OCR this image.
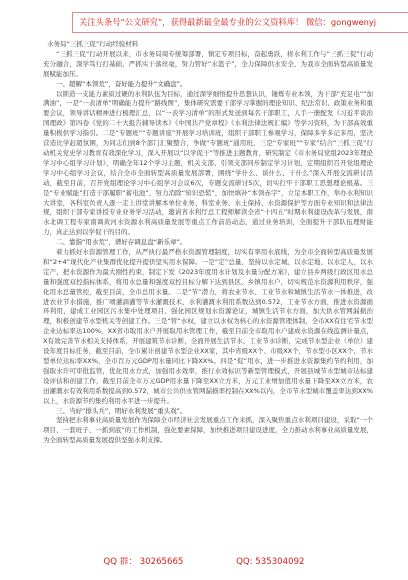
关注头条号“公文研究”，获得最新最全最专业的公文资料库！ 微信：gongwenyj
水务局“三抓三促”行动经验材料

“三抓三促”行动开展以来，市水务局周专统筹部署，镇定专项目标，奋起勇跃，将水利工作与“三抓三促”行动充分融合，深学笃行打基础，严抓实干落丝毫，努力管好“水篮子”，全力保障供水安全，为我市全面转型高质量发展赋能加压。

一、超解“本领荒”，奋好能力提升“文确盘”。

以锁造一支能力素质过硬的水利队伍为目标，通过深学细悟提升思想认识，锤炼专业本领，为干部“充足电”“加满油”，一是“一表清单”明确能力提升“路线图”，集体研究需要干部学习掌握的理论知识、纪法常识、政策业务和重要会议，领导讲话精神进行梳理汇总，以“一表学习清单”的形式发送到每名干部职工，人手一册配发《习近平谈治国理政》第四卷《党的二十大报告辅导读本》《中国共产党章程》《水利法律法规汇编》等学习资料，为干部高效重量积极供学习指引。二是“专题班”“专题讲座”开展学习培训班，组织干部职工参观学习，保障多学多记多用，坚决营造比学赶超氛围，为同志们到8个部门汇聚整合，争做“专题班”通用班，三是“专家班”“专家”结合“三抓三促”行动机关党史学习教育有效深化学习，深入开展以“以学促干”等推进主题教育，研究制定《市水务局党组2023年理论学习中心组学习计划》，明确全年12个学习主题，机关支部、引领支部同步制定学习计划，定期组织召开党组理论学习中心组学习会议，结合全市全面转型高质量发展部署，围绕“学什么、谈什么、干什么”深入开展交流研讨活动，截至目前，召开党组理论学习中心组学习会议6次，专题交流研讨5次，切实打牢干部职工思想理论根基。三是“专业赋能”打造干部履职“蓄电池”，努力消除“知识恐慌”，加快填补“本领赤字”，立足本职工作，举办水利知识大讲堂，各科室负责人逐一走上讲堂讲解本单位业务、科室业务、水土保持、水资源保护等方面专业知识和法律法规，组织干部专家讲授专业业务学习活动，邀请省水利厅总工程师解读全省“十四五”时期水利建设改革与发展，南水北调工程专家南调黄河水资源水利高质量发展等重点工作前沿动态，通过业务培训，全面提升干部队伍理财能力，真正达到以学促干的目的。

二、靠指“用水荒”，谱好存调息盘“新乐章”。

着力抓好水资源管理工作，从严执行最严格水资源管理制度，切实有率用水底线，为全市全面转型高质量发展和“2+4”现代化产业集群优化提升提供坚实用水保障。一是“定”总量，坚持以水定城、以水定地、以水定人、以水定产，把水资源作为最大刚性约束，制定下发《2023年度用水计划及水量分配方案》，建立县乡两级行政区用水总量和强度双控指标体系，将用水总量和强度双控目标分解下达到县区、乡镇用水户，切实规范水资源利用秩序，强化用水总量管控，截至目前，全市总用水量。二是“节”潜力，将农业节水、工业节水和城镇生活节水一体推进，改进农业节水措施，推广喷灌滴灌等节水灌溉技术，水利灌溉水利用系数达到0.572，工业节水方面，推进水资源循环利用，建成工业园区污水集中处理项目，强化园区规划水资源论证，城镇生活节水方面，加大供水管网漏损治理，积极创建节水型机关等创建工作。三是“管”水权，建立以水权为核心的水资源管理体制，全市XX有住宅节水型企业达标率达100%，XX省市取用水户开展取用水管理工作，截至目前全市取用水户建成水资源在线监测计量点，X有效完善节水相关支持体系，开展建筑节水诊断，全面开展生活节水、工业节水诊断，完成节水型企业（单位）建设年度目标任务，截至目前，全市累计创建节水型企业XX家，其中省级XX个、市级XX个，节水型小区XX个，节水型单位达标率XX%，全市百万元GDP用水量同比下降XX%。四是“促”用水，进一步推进水资源集约节约利用，加强取水许可审批监管，优化用水方式，加强用水效率，推行水效标识等新型管理模式，开展县城节水型城市达标建设评估和创建工作，截至目前全市万元GDP用水量下降至XX立方米，万元工业增加值用水量下降至XX立方米，农田灌溉水有效利用系数提高到0.572，城市公共供水管网漏损率控制在XX%以内，全市节水型城市覆盖率达到XX%以上，水资源节约集约利用水平进一步提升。

三、当好“排头兵”，明好水利发展“重头戏”。

坚持把水利事业高质量发展作为保障全市经济社会发展重点工作来抓，深入聚焦重点水利项目建设，采取“一个项目、一套班子、一抓到底”的工作机制，强化要素保障，加快推进项目建设进度，全力推动水利事业高质量发展，为全面转型高质量发展提供坚强水利支撑。

QQ 群： 30265665	QQ: 535304092
